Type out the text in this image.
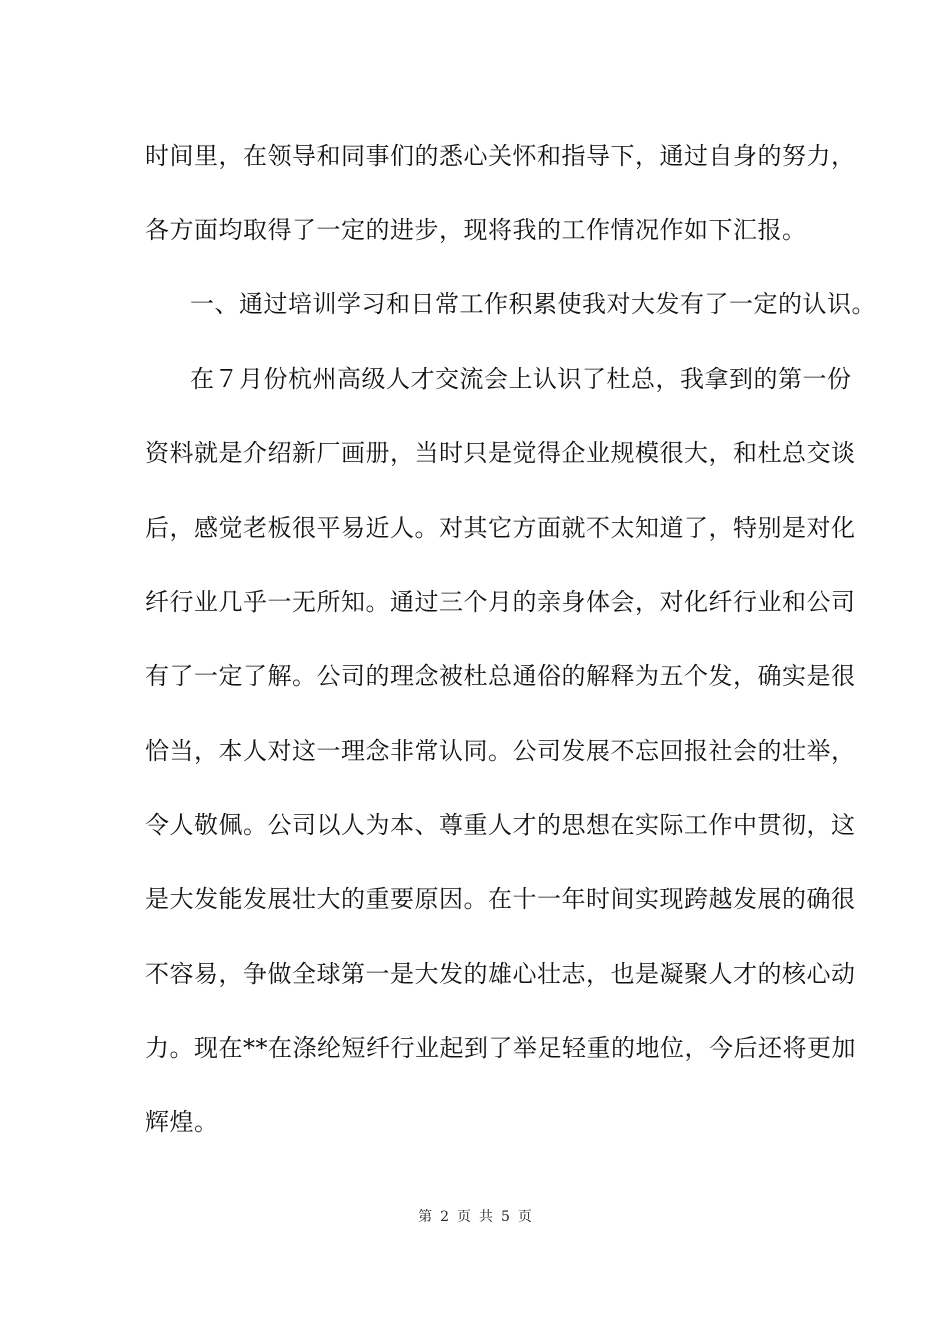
时间里，在领导和同事们的悉心关怀和指导下，通过自身的努力，
各方面均取得了一定的进步，现将我的工作情况作如下汇报。
一、通过培训学习和日常工作积累使我对大发有了一定的认识。
在７月份杭州高级人才交流会上认识了杜总，我拿到的第一份
资料就是介绍新厂画册，当时只是觉得企业规模很大，和杜总交谈
后，感觉老板很平易近人。对其它方面就不太知道了，特别是对化
纤行业几乎一无所知。通过三个月的亲身体会，对化纤行业和公司
有了一定了解。公司的理念被杜总通俗的解释为五个发，确实是很
恰当，本人对这一理念非常认同。公司发展不忘回报社会的壮举，
令人敬佩。公司以人为本、尊重人才的思想在实际工作中贯彻，这
是大发能发展壮大的重要原因。在十一年时间实现跨越发展的确很
不容易，争做全球第一是大发的雄心壮志，也是凝聚人才的核心动
力。现在**在涤纶短纤行业起到了举足轻重的地位，今后还将更加
辉煌。
第 2 页 共 5 页
